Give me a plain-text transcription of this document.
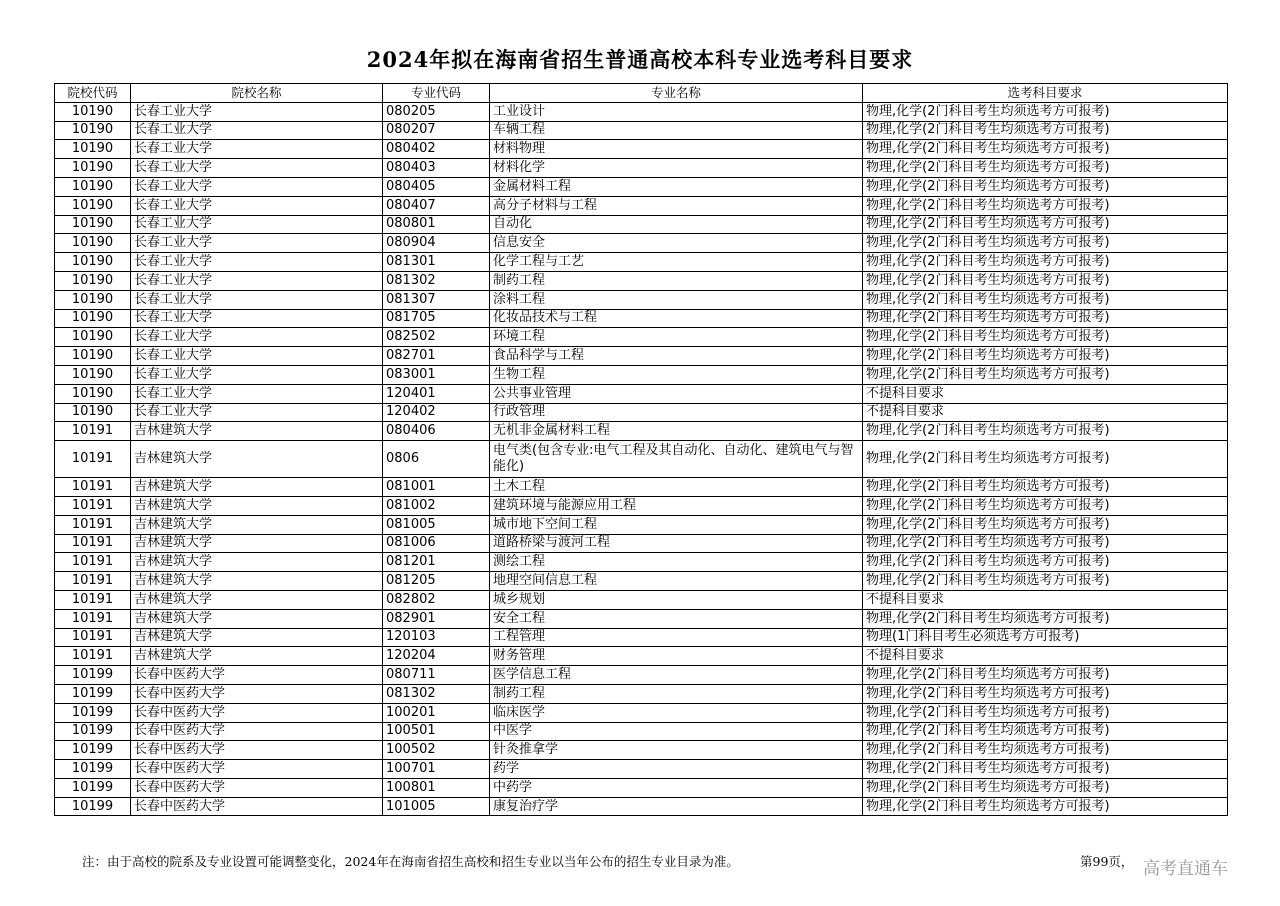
2024年拟在海南省招生普通高校本科专业选考科目要求
院校代码	院校名称	专业代码	专业名称	选考科目要求
10190	长春工业大学	080205	工业设计	物理,化学(2门科目考生均须选考方可报考)
10190	长春工业大学	080207	车辆工程	物理,化学(2门科目考生均须选考方可报考)
10190	长春工业大学	080402	材料物理	物理,化学(2门科目考生均须选考方可报考)
10190	长春工业大学	080403	材料化学	物理,化学(2门科目考生均须选考方可报考)
10190	长春工业大学	080405	金属材料工程	物理,化学(2门科目考生均须选考方可报考)
10190	长春工业大学	080407	高分子材料与工程	物理,化学(2门科目考生均须选考方可报考)
10190	长春工业大学	080801	自动化	物理,化学(2门科目考生均须选考方可报考)
10190	长春工业大学	080904	信息安全	物理,化学(2门科目考生均须选考方可报考)
10190	长春工业大学	081301	化学工程与工艺	物理,化学(2门科目考生均须选考方可报考)
10190	长春工业大学	081302	制药工程	物理,化学(2门科目考生均须选考方可报考)
10190	长春工业大学	081307	涂料工程	物理,化学(2门科目考生均须选考方可报考)
10190	长春工业大学	081705	化妆品技术与工程	物理,化学(2门科目考生均须选考方可报考)
10190	长春工业大学	082502	环境工程	物理,化学(2门科目考生均须选考方可报考)
10190	长春工业大学	082701	食品科学与工程	物理,化学(2门科目考生均须选考方可报考)
10190	长春工业大学	083001	生物工程	物理,化学(2门科目考生均须选考方可报考)
10190	长春工业大学	120401	公共事业管理	不提科目要求
10190	长春工业大学	120402	行政管理	不提科目要求
10191	吉林建筑大学	080406	无机非金属材料工程	物理,化学(2门科目考生均须选考方可报考)
10191	吉林建筑大学	0806	电气类(包含专业:电气工程及其自动化、自动化、建筑电气与智能化)	物理,化学(2门科目考生均须选考方可报考)
10191	吉林建筑大学	081001	土木工程	物理,化学(2门科目考生均须选考方可报考)
10191	吉林建筑大学	081002	建筑环境与能源应用工程	物理,化学(2门科目考生均须选考方可报考)
10191	吉林建筑大学	081005	城市地下空间工程	物理,化学(2门科目考生均须选考方可报考)
10191	吉林建筑大学	081006	道路桥梁与渡河工程	物理,化学(2门科目考生均须选考方可报考)
10191	吉林建筑大学	081201	测绘工程	物理,化学(2门科目考生均须选考方可报考)
10191	吉林建筑大学	081205	地理空间信息工程	物理,化学(2门科目考生均须选考方可报考)
10191	吉林建筑大学	082802	城乡规划	不提科目要求
10191	吉林建筑大学	082901	安全工程	物理,化学(2门科目考生均须选考方可报考)
10191	吉林建筑大学	120103	工程管理	物理(1门科目考生必须选考方可报考)
10191	吉林建筑大学	120204	财务管理	不提科目要求
10199	长春中医药大学	080711	医学信息工程	物理,化学(2门科目考生均须选考方可报考)
10199	长春中医药大学	081302	制药工程	物理,化学(2门科目考生均须选考方可报考)
10199	长春中医药大学	100201	临床医学	物理,化学(2门科目考生均须选考方可报考)
10199	长春中医药大学	100501	中医学	物理,化学(2门科目考生均须选考方可报考)
10199	长春中医药大学	100502	针灸推拿学	物理,化学(2门科目考生均须选考方可报考)
10199	长春中医药大学	100701	药学	物理,化学(2门科目考生均须选考方可报考)
10199	长春中医药大学	100801	中药学	物理,化学(2门科目考生均须选考方可报考)
10199	长春中医药大学	101005	康复治疗学	物理,化学(2门科目考生均须选考方可报考)
注：由于高校的院系及专业设置可能调整变化，2024年在海南省招生高校和招生专业以当年公布的招生专业目录为准。	第99页， 高考直通车
